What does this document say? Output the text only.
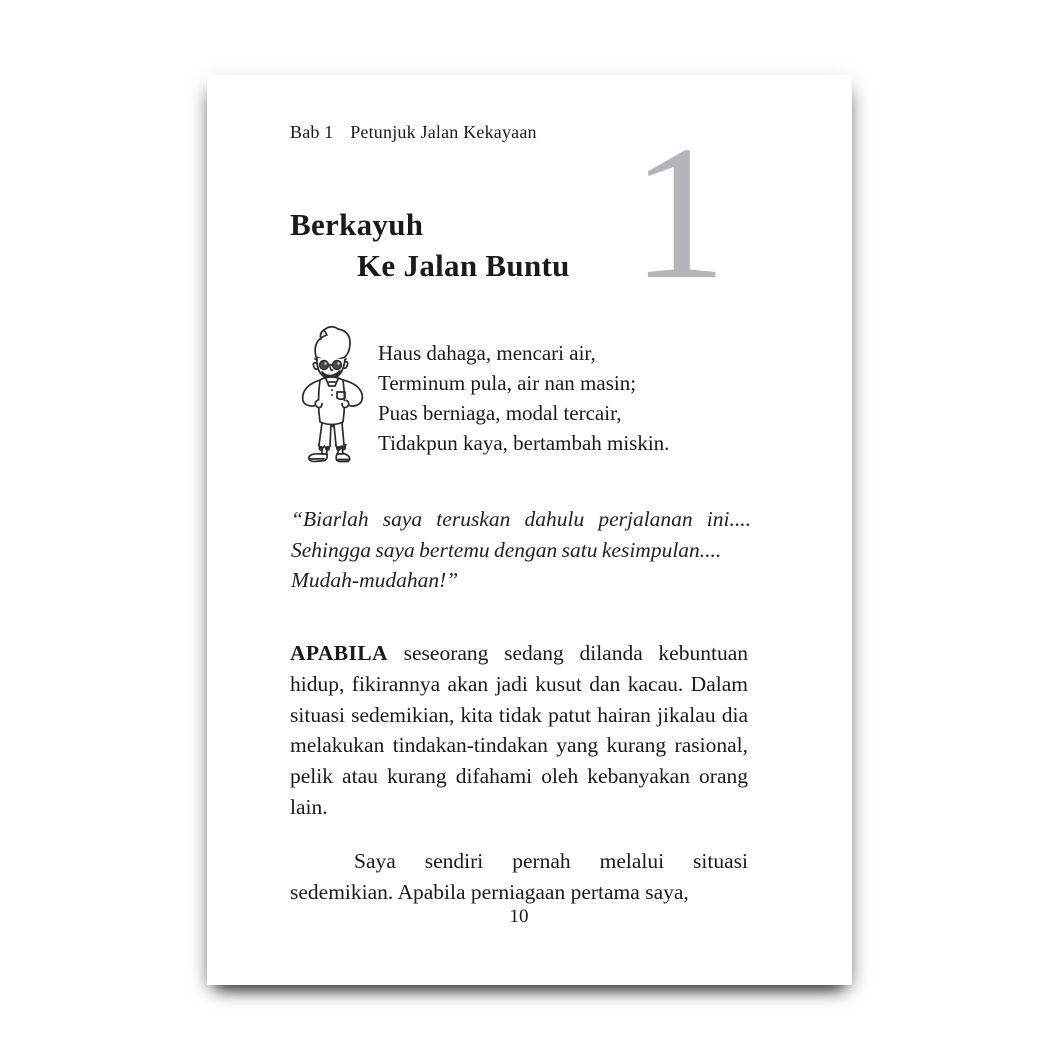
Bab 1 Petunjuk Jalan Kekayaan 1
Berkayuh
Ke Jalan Buntu
Haus dahaga, mencari air,
Terminum pula, air nan masin;
Puas berniaga, modal tercair,
Tidakpun kaya, bertambah miskin.
“Biarlah saya teruskan dahulu perjalanan ini....
Sehingga saya bertemu dengan satu kesimpulan....
Mudah-mudahan!”

APABILA seseorang sedang dilanda kebuntuan hidup, fikirannya akan jadi kusut dan kacau. Dalam situasi sedemikian, kita tidak patut hairan jikalau dia melakukan tindakan-tindakan yang kurang rasional, pelik atau kurang difahami oleh kebanyakan orang lain.

Saya sendiri pernah melalui situasi sedemikian. Apabila perniagaan pertama saya,

10
